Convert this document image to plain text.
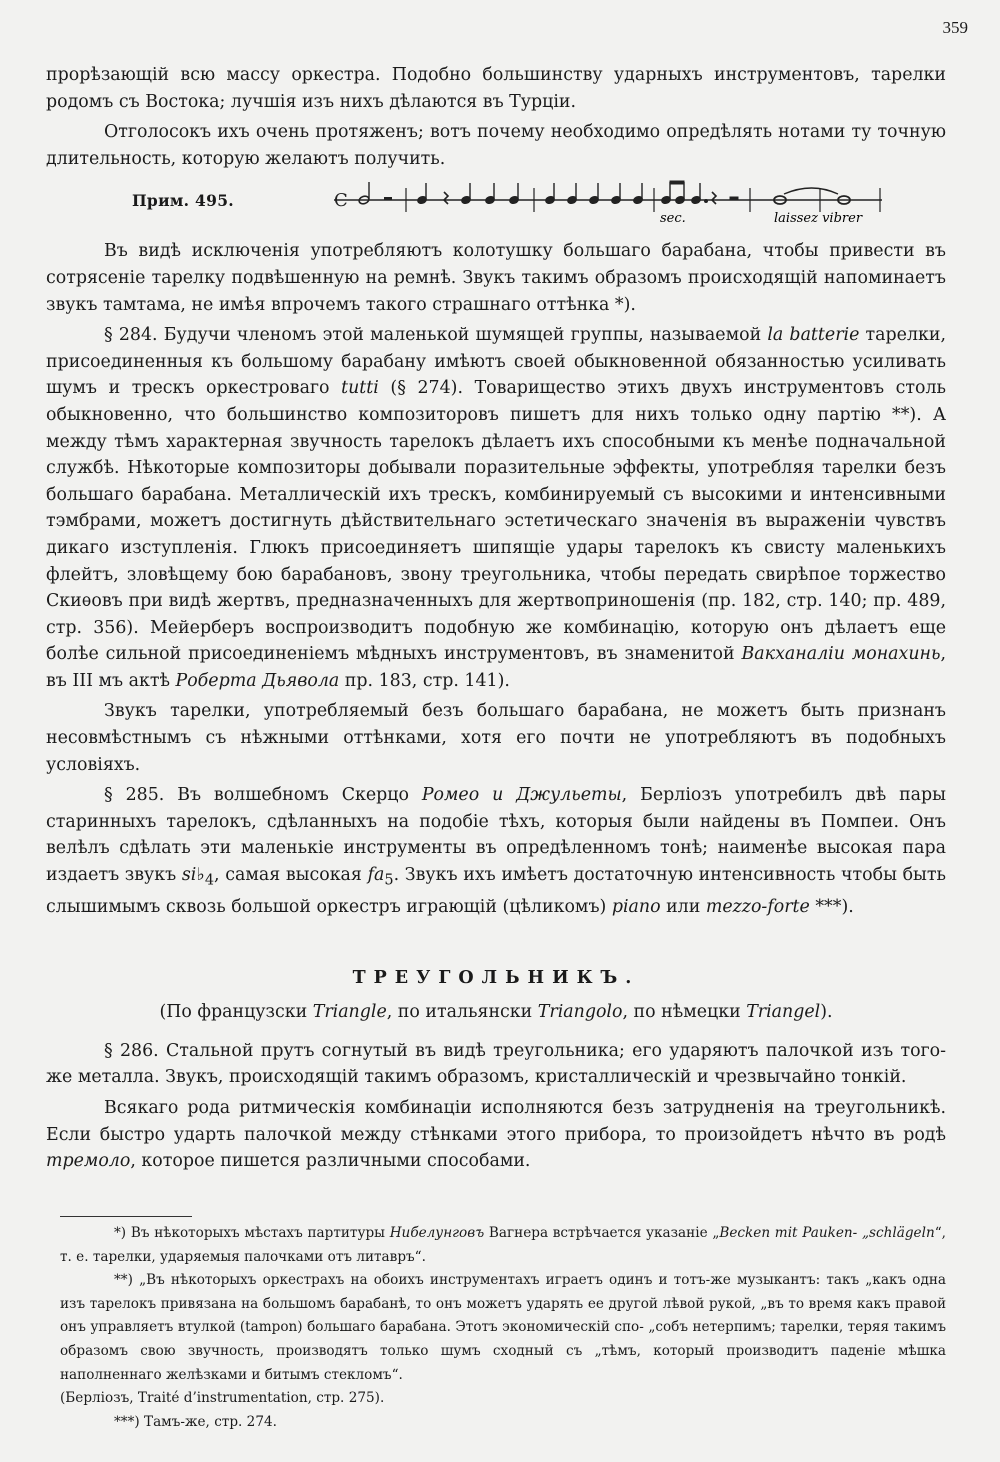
359

прорѣзающій всю массу оркестра. Подобно большинству ударныхъ инструментовъ, тарелки родомъ съ Востока; лучшія изъ нихъ дѣлаются въ Турціи.

Отголосокъ ихъ очень протяженъ; вотъ почему необходимо опредѣлять нотами ту точную длительность, которую желаютъ получить.

Прим. 495.	C
sec.	laissez vibrer

Въ видѣ исключенія употребляютъ колотушку большаго барабана, чтобы привести въ сотрясеніе тарелку подвѣшенную на ремнѣ. Звукъ такимъ образомъ происходящій напоминаетъ звукъ тамтама, не имѣя впрочемъ такого страшнаго оттѣнка *).

§ 284. Будучи членомъ этой маленькой шумящей группы, называемой la batterie тарелки, присоединенныя къ большому барабану имѣютъ своей обыкновенной обязанностью усиливать шумъ и трескъ оркестроваго tutti (§ 274). Товарищество этихъ двухъ инструментовъ столь обыкновенно, что большинство композиторовъ пишетъ для нихъ только одну партію **). А между тѣмъ характерная звучность тарелокъ дѣлаетъ ихъ способными къ менѣе подначальной службѣ. Нѣкоторые композиторы добывали поразительные эффекты, употребляя тарелки безъ большаго барабана. Металлическій ихъ трескъ, комбинируемый съ высокими и интенсивными тэмбрами, можетъ достигнуть дѣйствительнаго эстетическаго значенія въ выраженіи чувствъ дикаго изступленія. Глюкъ присоединяетъ шипящіе удары тарелокъ къ свисту маленькихъ флейтъ, зловѣщему бою барабановъ, звону треугольника, чтобы передать свирѣпое торжество Скиѳовъ при видѣ жертвъ, предназначенныхъ для жертвоприношенія (пр. 182, стр. 140; пр. 489, стр. 356). Мейерберъ воспроизводитъ подобную же комбинацію, которую онъ дѣлаетъ еще болѣе сильной присоединеніемъ мѣдныхъ инструментовъ, въ знаменитой Вакханаліи монахинь, въ III мъ актѣ Роберта Дьявола пр. 183, стр. 141).

Звукъ тарелки, употребляемый безъ большаго барабана, не можетъ быть признанъ несовмѣстнымъ съ нѣжными оттѣнками, хотя его почти не употребляютъ въ подобныхъ условіяхъ.

§ 285. Въ волшебномъ Скерцо Ромео и Джульеты, Берліозъ употребилъ двѣ пары старинныхъ тарелокъ, сдѣланныхъ на подобіе тѣхъ, которыя были найдены въ Помпеи. Онъ велѣлъ сдѣлать эти маленькіе инструменты въ опредѣленномъ тонѣ; наименѣе высокая пара издаетъ звукъ $si♭_4$, самая высокая $fa_5$. Звукъ ихъ имѣетъ достаточную интенсивность чтобы быть слышимымъ сквозь большой оркестръ играющій (цѣликомъ) piano или mezzo-forte ***).

ТРЕУГОЛЬНИКЪ.

(По французски Triangle, по итальянски Triangolo, по нѣмецки Triangel).

§ 286. Стальной прутъ согнутый въ видѣ треугольника; его ударяютъ палочкой изъ того-же металла. Звукъ, происходящій такимъ образомъ, кристаллическій и чрезвычайно тонкій.

Всякаго рода ритмическія комбинаціи исполняются безъ затрудненія на треугольникѣ. Если быстро ударть палочкой между стѣнками этого прибора, то произойдетъ нѣчто въ родѣ тремоло, которое пишется различными способами.

*) Въ нѣкоторыхъ мѣстахъ партитуры Нибелунговъ Вагнера встрѣчается указаніе „Becken mit Pauken- „schlägeln“, т. е. тарелки, ударяемыя палочками отъ литавръ“.

**) „Въ нѣкоторыхъ оркестрахъ на обоихъ инструментахъ играетъ одинъ и тотъ-же музыкантъ: такъ „какъ одна изъ тарелокъ привязана на большомъ барабанѣ, то онъ можетъ ударять ее другой лѣвой рукой, „въ то время какъ правой онъ управляетъ втулкой (tampon) большаго барабана. Этотъ экономическій спо- „собъ нетерпимъ; тарелки, теряя такимъ образомъ свою звучность, производятъ только шумъ сходный съ „тѣмъ, который производитъ паденіе мѣшка наполненнаго желѣзками и битымъ стекломъ“.

(Берліозъ, Traité d’instrumentation, стр. 275).

***) Тамъ-же, стр. 274.
